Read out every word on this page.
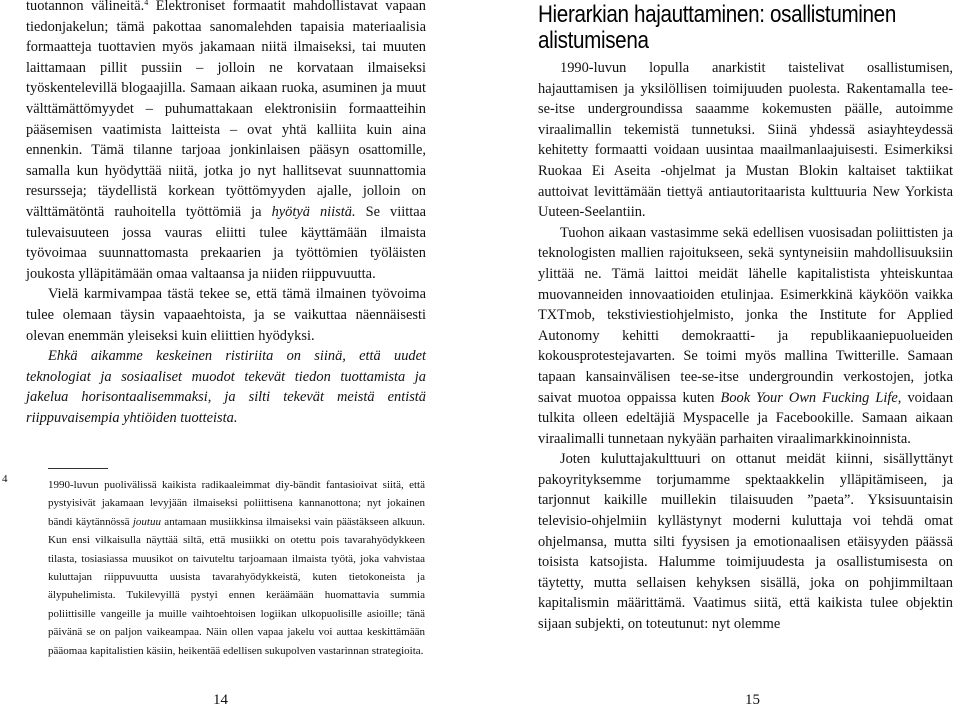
tuotannon välineitä.$^4$ Elektroniset formaatit mahdollistavat vapaan tiedonjakelun; tämä pakottaa sanomalehden tapaisia materiaalisia formaatteja tuottavien myös jakamaan niitä ilmaiseksi, tai muuten laittamaan pillit pussiin – jolloin ne korvataan ilmaiseksi työskentelevillä blogaajilla. Samaan aikaan ruoka, asuminen ja muut välttämättömyydet – puhumattakaan elektronisiin formaatteihin pääsemisen vaatimista laitteista – ovat yhtä kalliita kuin aina ennenkin. Tämä tilanne tarjoaa jonkinlaisen pääsyn osattomille, samalla kun hyödyttää niitä, jotka jo nyt hallitsevat suunnattomia resursseja; täydellistä korkean työttömyyden ajalle, jolloin on välttämätöntä rauhoitella työttömiä ja hyötyä niistä. Se viittaa tulevaisuuteen jossa vauras eliitti tulee käyttämään ilmaista työvoimaa suunnattomasta prekaarien ja työttömien työläisten joukosta ylläpitämään omaa valtaansa ja niiden riippuvuutta.

Vielä karmivampaa tästä tekee se, että tämä ilmainen työvoima tulee olemaan täysin vapaaehtoista, ja se vaikuttaa näennäisesti olevan enemmän yleiseksi kuin eliittien hyödyksi.

Ehkä aikamme keskeinen ristiriita on siinä, että uudet teknologiat ja sosiaaliset muodot tekevät tiedon tuottamista ja jakelua horisontaalisemmaksi, ja silti tekevät meistä entistä riippuvaisempia yhtiöiden tuotteista.

4	1990-luvun puolivälissä kaikista radikaaleimmat diy-bändit fantasioivat siitä, että pystyisivät jakamaan levyjään ilmaiseksi poliittisena kannanottona; nyt jokainen bändi käytännössä joutuu antamaan musiikkinsa ilmaiseksi vain päästäkseen alkuun. Kun ensi vilkaisulla näyttää siltä, että musiikki on otettu pois tavarahyödykkeen tilasta, tosiasiassa muusikot on taivuteltu tarjoamaan ilmaista työtä, joka vahvistaa kuluttajan riippuvuutta uusista tavarahyödykkeistä, kuten tietokoneista ja älypuhelimista. Tukilevyillä pystyi ennen keräämään huomattavia summia poliittisille vangeille ja muille vaihtoehtoisen logiikan ulkopuolisille asioille; tänä päivänä se on paljon vaikeampaa. Näin ollen vapaa jakelu voi auttaa keskittämään pääomaa kapitalistien käsiin, heikentää edellisen sukupolven vastarinnan strategioita.

Hierarkian hajauttaminen: osallistuminen alistumisena

1990-luvun lopulla anarkistit taistelivat osallistumisen, hajauttamisen ja yksilöllisen toimijuuden puolesta. Rakentamalla tee-se-itse undergroundissa saaamme kokemusten päälle, autoimme viraalimallin tekemistä tunnetuksi. Siinä yhdessä asiayhteydessä kehitetty formaatti voidaan uusintaa maailmanlaajuisesti. Esimerkiksi Ruokaa Ei Aseita -ohjelmat ja Mustan Blokin kaltaiset taktiikat auttoivat levittämään tiettyä antiautoritaarista kulttuuria New Yorkista Uuteen-Seelantiin.

Tuohon aikaan vastasimme sekä edellisen vuosisadan poliittisten ja teknologisten mallien rajoitukseen, sekä syntyneisiin mahdollisuuksiin ylittää ne. Tämä laittoi meidät lähelle kapitalistista yhteiskuntaa muovanneiden innovaatioiden etulinjaa. Esimerkkinä käyköön vaikka TXTmob, tekstiviestiohjelmisto, jonka the Institute for Applied Autonomy kehitti demokraatti- ja republikaaniepuolueiden kokousprotestejavarten. Se toimi myös mallina Twitterille. Samaan tapaan kansainvälisen tee-se-itse undergroundin verkostojen, jotka saivat muotoa oppaissa kuten Book Your Own Fucking Life, voidaan tulkita olleen edeltäjiä Myspacelle ja Facebookille. Samaan aikaan viraalimalli tunnetaan nykyään parhaiten viraalimarkkinoinnista.

Joten kuluttajakulttuuri on ottanut meidät kiinni, sisällyttänyt pakoyrityksemme torjumamme spektaakkelin ylläpitämiseen, ja tarjonnut kaikille muillekin tilaisuuden ”paeta”. Yksisuuntaisin televisio-ohjelmiin kyllästynyt moderni kuluttaja voi tehdä omat ohjelmansa, mutta silti fyysisen ja emotionaalisen etäisyyden päässä toisista katsojista. Halumme toimijuudesta ja osallistumisesta on täytetty, mutta sellaisen kehyksen sisällä, joka on pohjimmiltaan kapitalismin määrittämä. Vaatimus siitä, että kaikista tulee objektin sijaan subjekti, on toteutunut: nyt olemme

14	15
